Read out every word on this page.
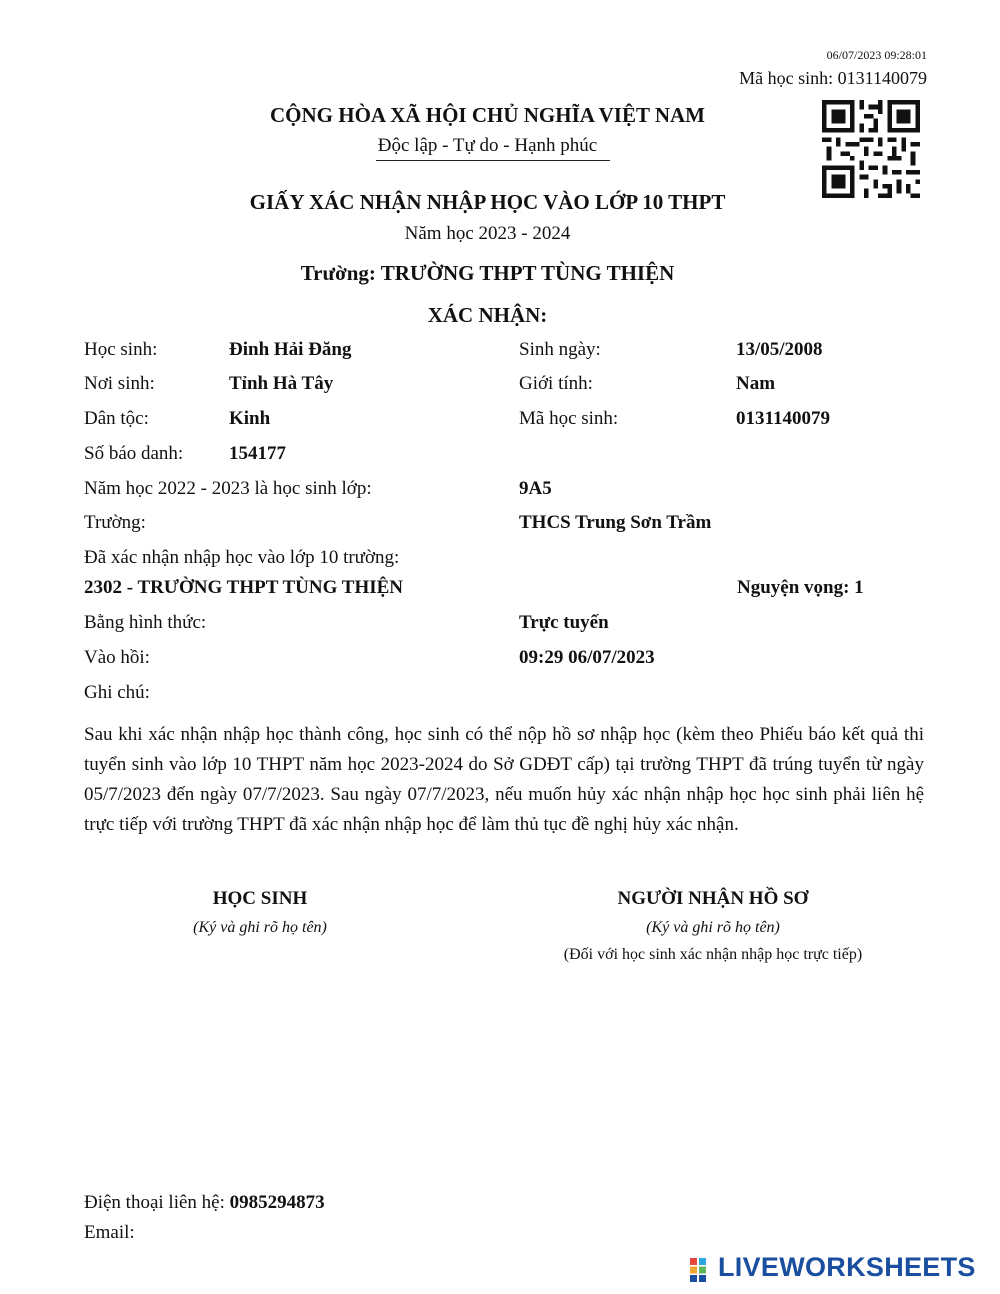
06/07/2023 09:28:01
Mã học sinh: 0131140079
CỘNG HÒA XÃ HỘI CHỦ NGHĨA VIỆT NAM
Độc lập - Tự do - Hạnh phúc
GIẤY XÁC NHẬN NHẬP HỌC VÀO LỚP 10 THPT
Năm học 2023 - 2024
Trường: TRƯỜNG THPT TÙNG THIỆN
XÁC NHẬN:
Học sinh:	Đinh Hải Đăng	Sinh ngày:	13/05/2008
Nơi sinh:	Tỉnh Hà Tây	Giới tính:	Nam
Dân tộc:	Kinh	Mã học sinh:	0131140079
Số báo danh: 154177
Năm học 2022 - 2023 là học sinh lớp:	9A5
Trường:	THCS Trung Sơn Trầm
Đã xác nhận nhập học vào lớp 10 trường:
2302 - TRƯỜNG THPT TÙNG THIỆN	Nguyện vọng: 1
Bằng hình thức:	Trực tuyến
Vào hồi:	09:29 06/07/2023
Ghi chú:
Sau khi xác nhận nhập học thành công, học sinh có thể nộp hồ sơ nhập học (kèm theo Phiếu báo kết quả thi tuyển sinh vào lớp 10 THPT năm học 2023-2024 do Sở GDĐT cấp) tại trường THPT đã trúng tuyển từ ngày 05/7/2023 đến ngày 07/7/2023. Sau ngày 07/7/2023, nếu muốn hủy xác nhận nhập học học sinh phải liên hệ trực tiếp với trường THPT đã xác nhận nhập học để làm thủ tục đề nghị hủy xác nhận.
HỌC SINH
(Ký và ghi rõ họ tên)
NGƯỜI NHẬN HỒ SƠ
(Ký và ghi rõ họ tên)
(Đối với học sinh xác nhận nhập học trực tiếp)
Điện thoại liên hệ: 0985294873
Email:
LIVEWORKSHEETS
